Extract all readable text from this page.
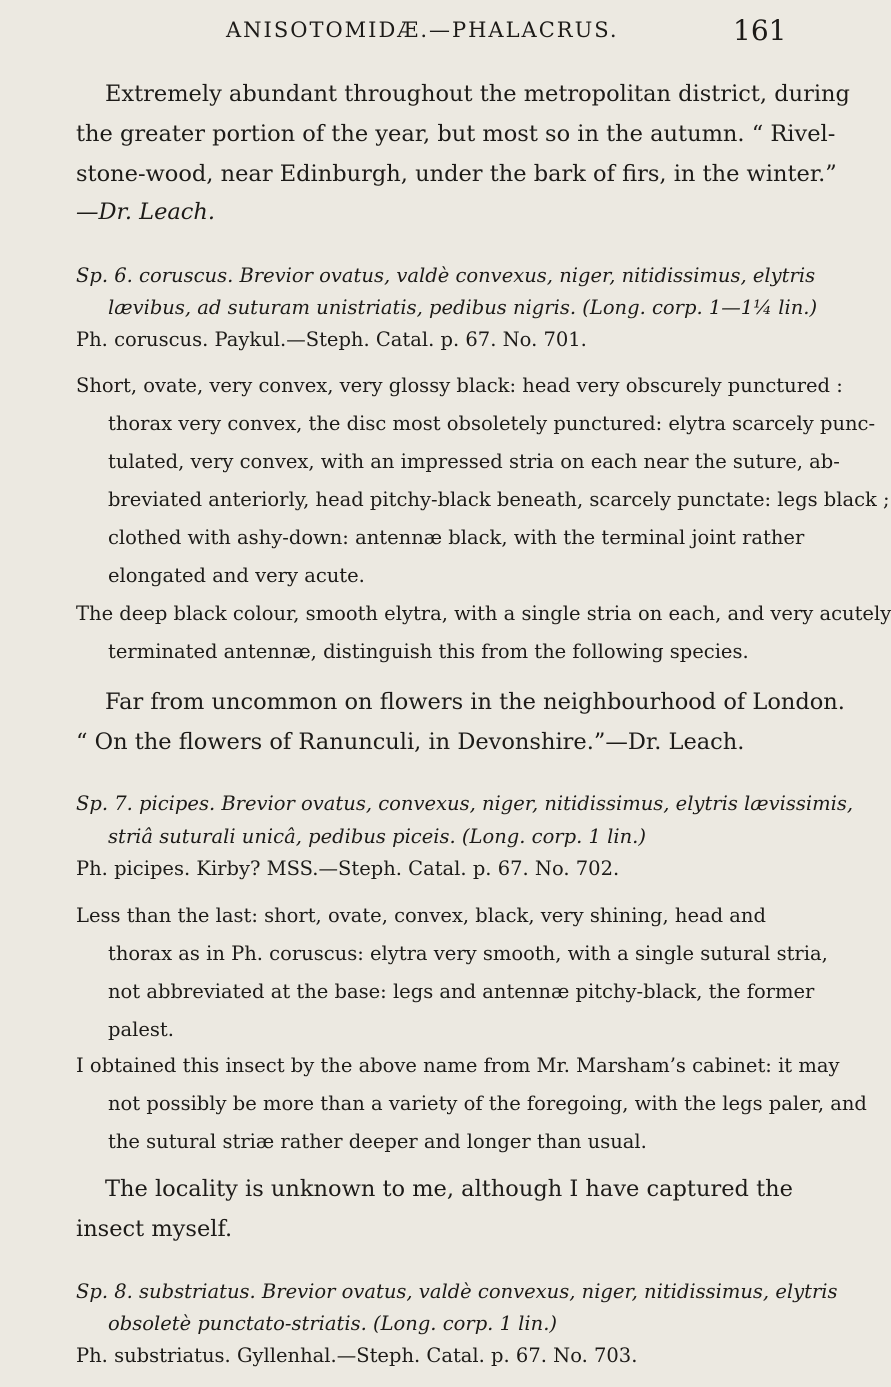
ANISOTOMIDÆ.—PHALACRUS.	161
Extremely abundant throughout the metropolitan district, during
the greater portion of the year, but most so in the autumn. “ Rivel-
stone-wood, near Edinburgh, under the bark of firs, in the winter.”
—Dr. Leach.
Sp. 6. coruscus. Brevior ovatus, valdè convexus, niger, nitidissimus, elytris
lævibus, ad suturam unistriatis, pedibus nigris. (Long. corp. 1—1¼ lin.)
Ph. coruscus. Paykul.—Steph. Catal. p. 67. No. 701.
Short, ovate, very convex, very glossy black: head very obscurely punctured :
thorax very convex, the disc most obsoletely punctured: elytra scarcely punc-
tulated, very convex, with an impressed stria on each near the suture, ab-
breviated anteriorly, head pitchy-black beneath, scarcely punctate: legs black ;
clothed with ashy-down: antennæ black, with the terminal joint rather
elongated and very acute.
The deep black colour, smooth elytra, with a single stria on each, and very acutely
terminated antennæ, distinguish this from the following species.
Far from uncommon on flowers in the neighbourhood of London.
“ On the flowers of Ranunculi, in Devonshire.”—Dr. Leach.
Sp. 7. picipes. Brevior ovatus, convexus, niger, nitidissimus, elytris lævissimis,
striâ suturali unicâ, pedibus piceis. (Long. corp. 1 lin.)
Ph. picipes. Kirby? MSS.—Steph. Catal. p. 67. No. 702.
Less than the last: short, ovate, convex, black, very shining, head and
thorax as in Ph. coruscus: elytra very smooth, with a single sutural stria,
not abbreviated at the base: legs and antennæ pitchy-black, the former
palest.
I obtained this insect by the above name from Mr. Marsham’s cabinet: it may
not possibly be more than a variety of the foregoing, with the legs paler, and
the sutural striæ rather deeper and longer than usual.
The locality is unknown to me, although I have captured the
insect myself.
Sp. 8. substriatus. Brevior ovatus, valdè convexus, niger, nitidissimus, elytris
obsoletè punctato-striatis. (Long. corp. 1 lin.)
Ph. substriatus. Gyllenhal.—Steph. Catal. p. 67. No. 703.
